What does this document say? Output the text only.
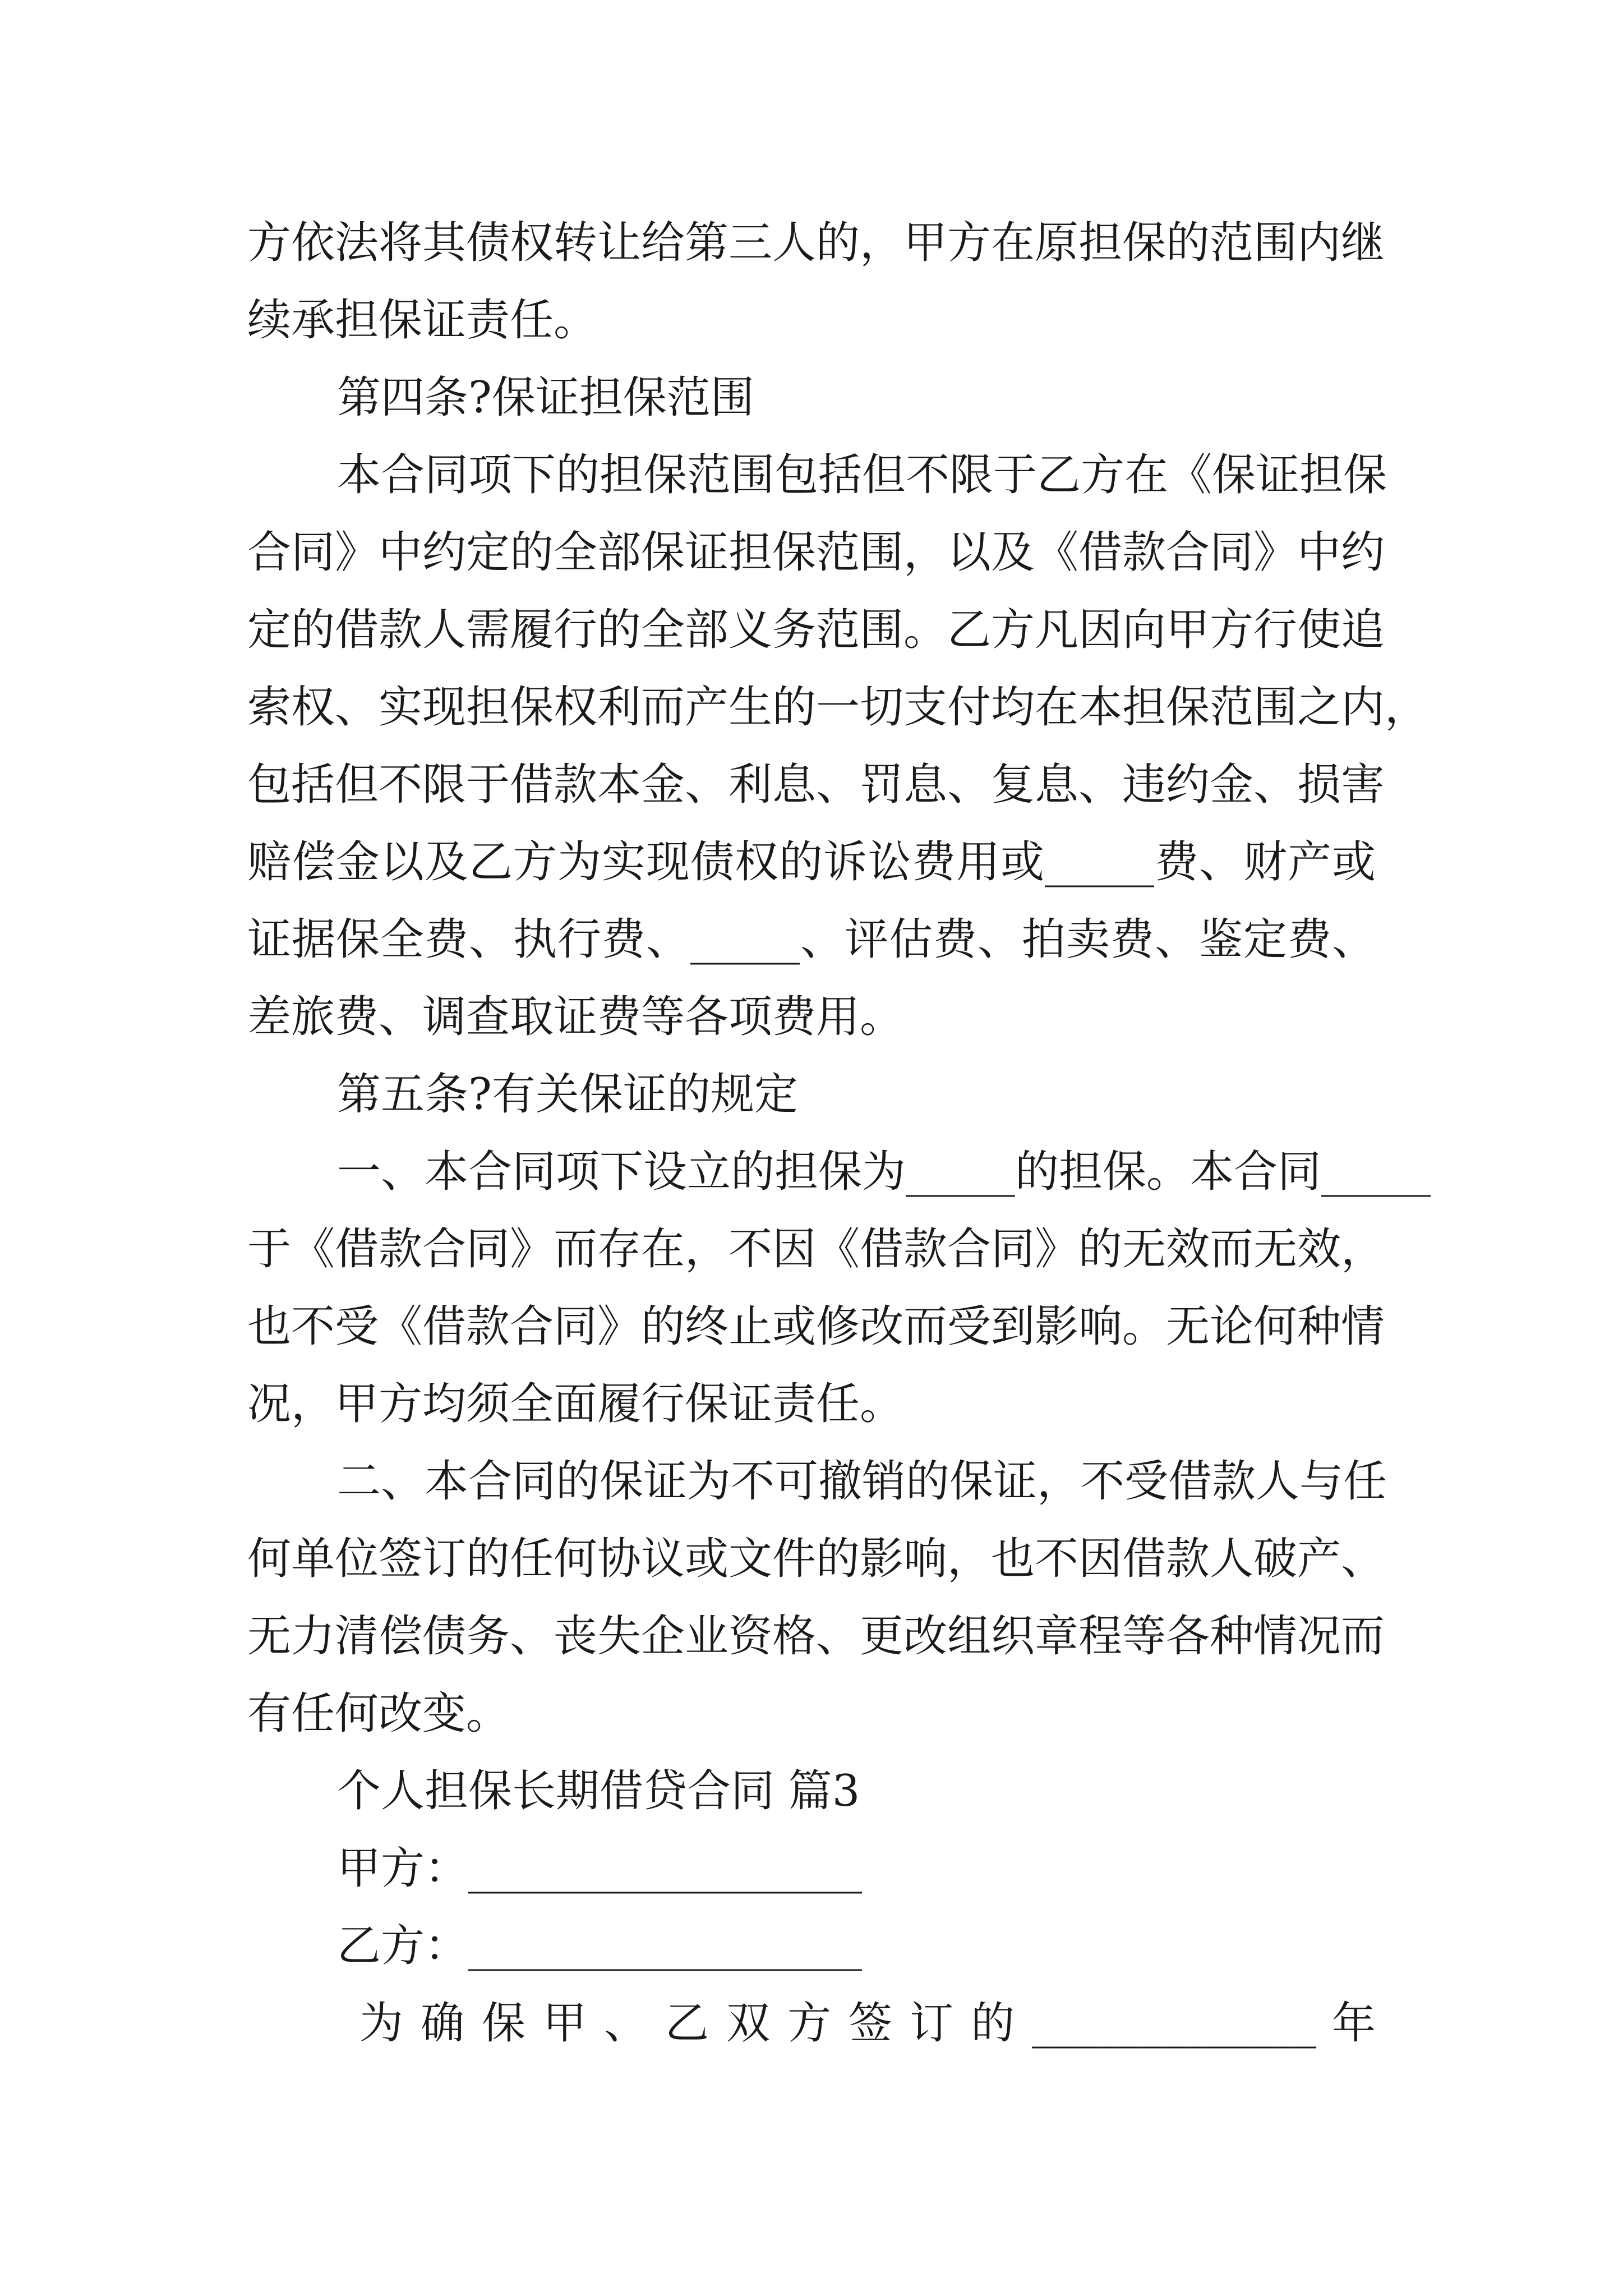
方依法将其债权转让给第三人的，甲方在原担保的范围内继
续承担保证责任。
第四条?保证担保范围
本合同项下的担保范围包括但不限于乙方在《保证担保
合同》中约定的全部保证担保范围，以及《借款合同》中约
定的借款人需履行的全部义务范围。乙方凡因向甲方行使追
索权、实现担保权利而产生的一切支付均在本担保范围之内，
包括但不限于借款本金、利息、罚息、复息、违约金、损害
赔偿金以及乙方为实现债权的诉讼费用或_____费、财产或
证据保全费、执行费、_____、评估费、拍卖费、鉴定费、
差旅费、调查取证费等各项费用。
第五条?有关保证的规定
一、本合同项下设立的担保为_____的担保。本合同_____
于《借款合同》而存在，不因《借款合同》的无效而无效，
也不受《借款合同》的终止或修改而受到影响。无论何种情
况，甲方均须全面履行保证责任。
二、本合同的保证为不可撤销的保证，不受借款人与任
何单位签订的任何协议或文件的影响，也不因借款人破产、
无力清偿债务、丧失企业资格、更改组织章程等各种情况而
有任何改变。
个人担保长期借贷合同 篇3
甲方：__________________
乙方：__________________
为 确 保 甲 、 乙 双 方 签 订 的 _____________ 年
